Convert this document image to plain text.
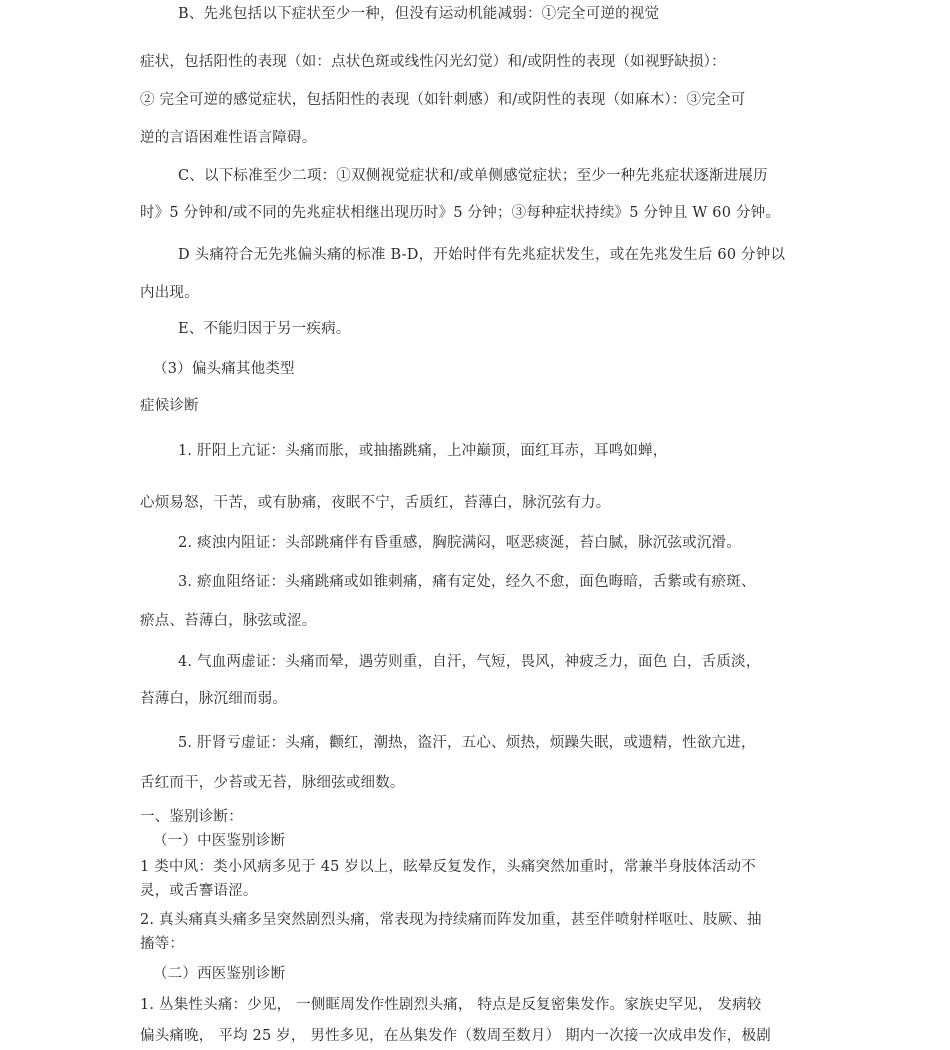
B、先兆包括以下症状至少一种，但没有运动机能减弱：①完全可逆的视觉
症状，包括阳性的表现（如：点状色斑或线性闪光幻觉）和/或阴性的表现（如视野缺损）：
② 完全可逆的感觉症状，包括阳性的表现（如针刺感）和/或阴性的表现（如麻木）：③完全可
逆的言语困难性语言障碍。
C、以下标准至少二项：①双侧视觉症状和/或单侧感觉症状；至少一种先兆症状逐渐进展历
时》5 分钟和/或不同的先兆症状相继出现历时》5 分钟；③每种症状持续》5 分钟且 W 60 分钟。
D 头痛符合无先兆偏头痛的标准 B-D，开始时伴有先兆症状发生，或在先兆发生后 60 分钟以
内出现。
E、不能归因于另一疾病。
（3）偏头痛其他类型
症候诊断
1. 肝阳上亢证：头痛而胀，或抽搐跳痛，上冲巅顶，面红耳赤，耳鸣如蝉，
心烦易怒，干苦，或有胁痛，夜眠不宁，舌质红，苔薄白，脉沉弦有力。
2. 痰浊内阻证：头部跳痛伴有昏重感，胸脘满闷，呕恶痰涎，苔白腻，脉沉弦或沉滑。
3. 瘀血阻络证：头痛跳痛或如锥刺痛，痛有定处，经久不愈，面色晦暗，舌紫或有瘀斑、
瘀点、苔薄白，脉弦或涩。
4. 气血两虚证：头痛而晕，遇劳则重，自汗，气短，畏风，神疲乏力，面色 白，舌质淡，
苔薄白，脉沉细而弱。
5. 肝肾亏虚证：头痛，颧红，潮热，盗汗，五心、烦热，烦躁失眠，或遗精，性欲亢进，
舌红而干，少苔或无苔，脉细弦或细数。
一、鉴别诊断：
（一）中医鉴别诊断
1 类中风：类小风病多见于 45 岁以上，眩晕反复发作，头痛突然加重时，常兼半身肢体活动不
灵，或舌謇语涩。
2. 真头痛真头痛多呈突然剧烈头痛，常表现为持续痛而阵发加重，甚至伴喷射样呕吐、肢厥、抽
搐等：
（二）西医鉴别诊断
1. 丛集性头痛：少见， 一侧眶周发作性剧烈头痛， 特点是反复密集发作。家族史罕见， 发病较
偏头痛晚， 平均 25 岁， 男性多见，在丛集发作（数周至数月） 期内一次接一次成串发作，极剧
